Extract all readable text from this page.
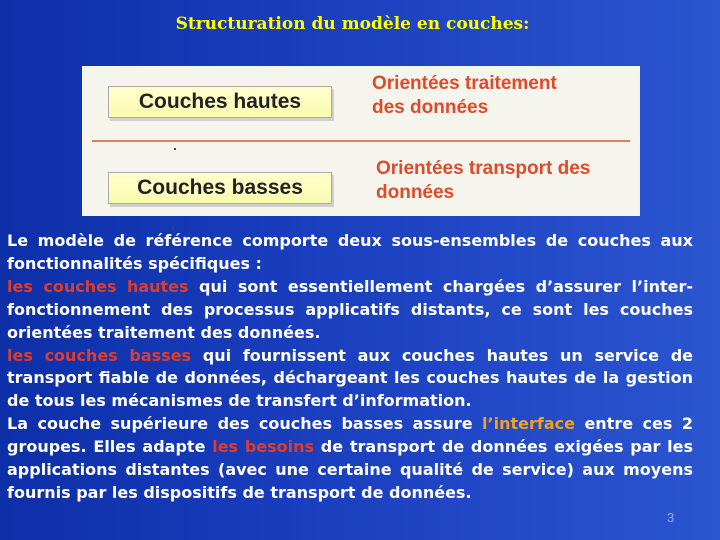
Structuration du modèle en couches:
Couches hautes
Orientées traitement
des données
Couches basses
Orientées transport des
données

Le modèle de référence comporte deux sous-ensembles de couches aux fonctionnalités spécifiques :

les couches hautes qui sont essentiellement chargées d’assurer l’inter-fonctionnement des processus applicatifs distants, ce sont les couches orientées traitement des données.

les couches basses qui fournissent aux couches hautes un service de transport fiable de données, déchargeant les couches hautes de la gestion de tous les mécanismes de transfert d’information.

La couche supérieure des couches basses assure l’interface entre ces 2 groupes. Elles adapte les besoins de transport de données exigées par les applications distantes (avec une certaine qualité de service) aux moyens fournis par les dispositifs de transport de données.

3
